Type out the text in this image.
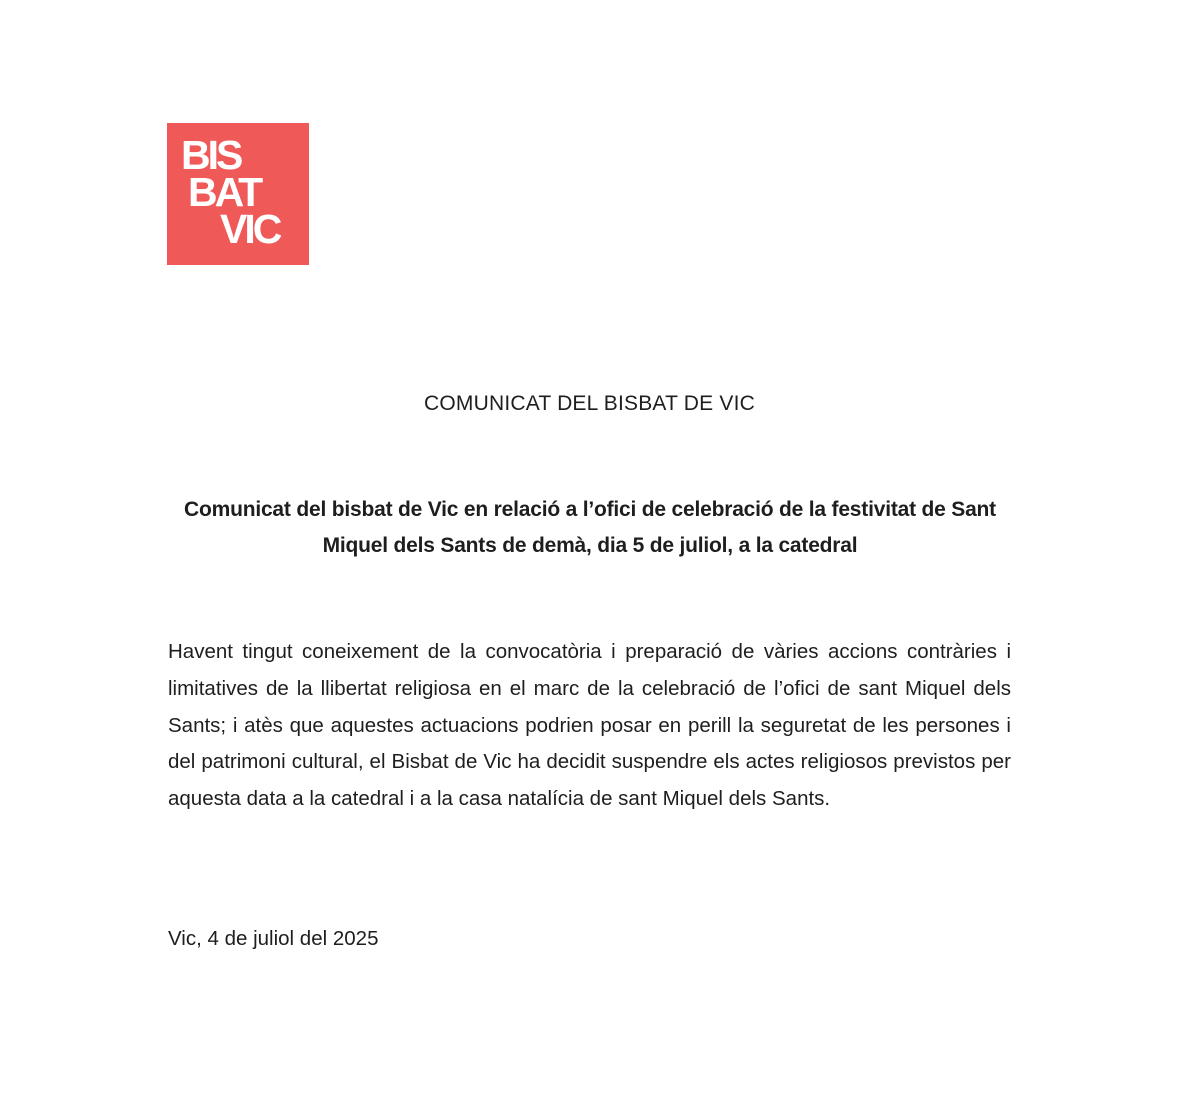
BIS
BAT
VIC
COMUNICAT DEL BISBAT DE VIC

Comunicat del bisbat de Vic en relació a l’ofici de celebració de la festivitat de Sant Miquel dels Sants de demà, dia 5 de juliol, a la catedral

Havent tingut coneixement de la convocatòria i preparació de vàries accions contràries i limitatives de la llibertat religiosa en el marc de la celebració de l’ofici de sant Miquel dels Sants; i atès que aquestes actuacions podrien posar en perill la seguretat de les persones i del patrimoni cultural, el Bisbat de Vic ha decidit suspendre els actes religiosos previstos per aquesta data a la catedral i a la casa natalícia de sant Miquel dels Sants.

Vic, 4 de juliol del 2025
